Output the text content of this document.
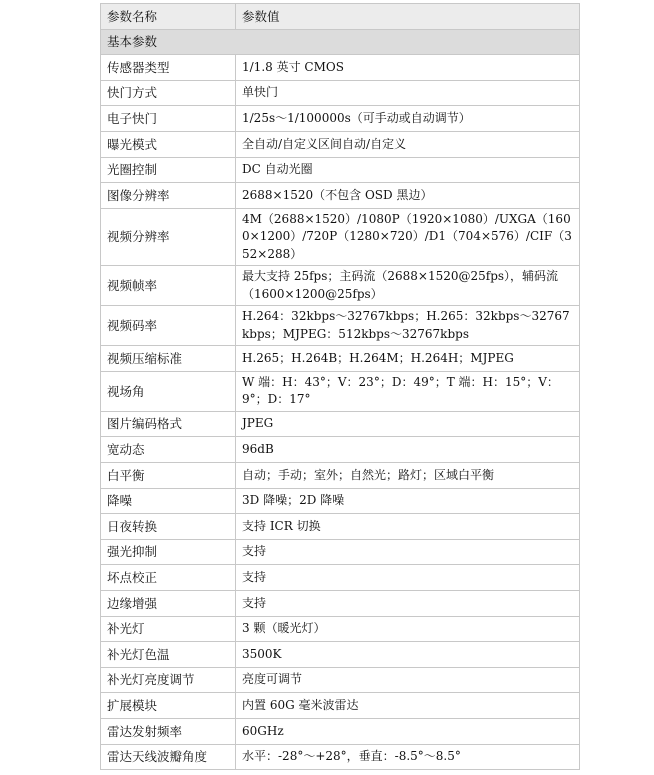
参数名称	参数值
基本参数	
传感器类型	1/1.8 英寸 CMOS
快门方式	单快门
电子快门	1/25s～1/100000s（可手动或自动调节）
曝光模式	全自动/自定义区间自动/自定义
光圈控制	DC 自动光圈
图像分辨率	2688×1520（不包含 OSD 黑边）
视频分辨率	4M（2688×1520）/1080P（1920×1080）/UXGA（1600×1200）/720P（1280×720）/D1（704×576）/CIF（352×288）
视频帧率	最大支持 25fps；主码流（2688×1520@25fps），辅码流（1600×1200@25fps）
视频码率	H.264：32kbps～32767kbps；H.265：32kbps～32767kbps；MJPEG：512kbps～32767kbps
视频压缩标准	H.265；H.264B；H.264M；H.264H；MJPEG
视场角	W 端：H：43°；V：23°；D：49°；T 端：H：15°；V：9°；D：17°
图片编码格式	JPEG
宽动态	96dB
白平衡	自动；手动；室外；自然光；路灯；区域白平衡
降噪	3D 降噪；2D 降噪
日夜转换	支持 ICR 切换
强光抑制	支持
坏点校正	支持
边缘增强	支持
补光灯	3 颗（暖光灯）
补光灯色温	3500K
补光灯亮度调节	亮度可调节
扩展模块	内置 60G 毫米波雷达
雷达发射频率	60GHz
雷达天线波瓣角度	水平：-28°～+28°，垂直：-8.5°～8.5°
